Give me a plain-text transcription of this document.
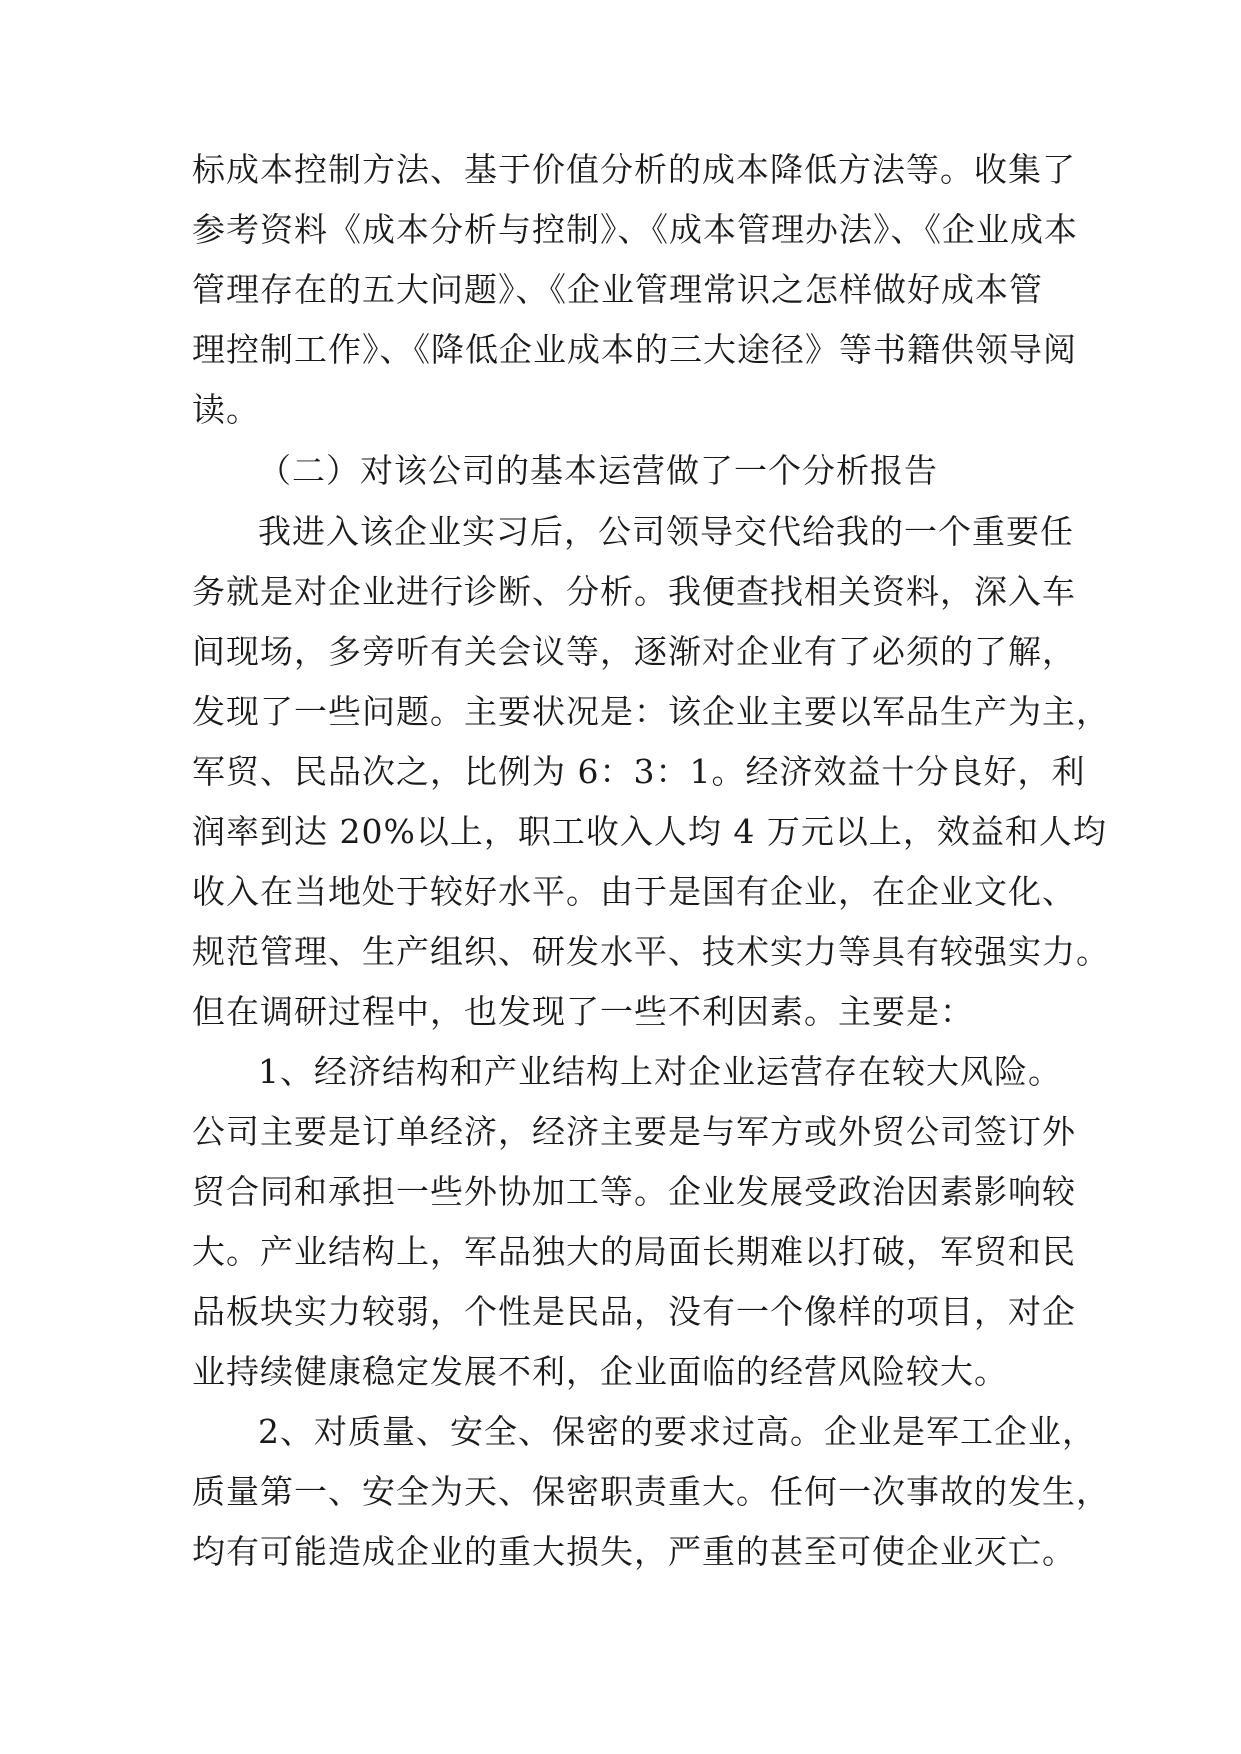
标成本控制方法、基于价值分析的成本降低方法等。收集了
参考资料《成本分析与控制》、《成本管理办法》、《企业成本
管理存在的五大问题》、《企业管理常识之怎样做好成本管
理控制工作》、《降低企业成本的三大途径》等书籍供领导阅
读。
（二）对该公司的基本运营做了一个分析报告
我进入该企业实习后，公司领导交代给我的一个重要任
务就是对企业进行诊断、分析。我便查找相关资料，深入车
间现场，多旁听有关会议等，逐渐对企业有了必须的了解，
发现了一些问题。主要状况是：该企业主要以军品生产为主，
军贸、民品次之，比例为 6：3：1。经济效益十分良好，利
润率到达 20%以上，职工收入人均 4 万元以上，效益和人均
收入在当地处于较好水平。由于是国有企业，在企业文化、
规范管理、生产组织、研发水平、技术实力等具有较强实力。
但在调研过程中，也发现了一些不利因素。主要是：
1、经济结构和产业结构上对企业运营存在较大风险。
公司主要是订单经济，经济主要是与军方或外贸公司签订外
贸合同和承担一些外协加工等。企业发展受政治因素影响较
大。产业结构上，军品独大的局面长期难以打破，军贸和民
品板块实力较弱，个性是民品，没有一个像样的项目，对企
业持续健康稳定发展不利，企业面临的经营风险较大。
2、对质量、安全、保密的要求过高。企业是军工企业，
质量第一、安全为天、保密职责重大。任何一次事故的发生，
均有可能造成企业的重大损失，严重的甚至可使企业灭亡。
